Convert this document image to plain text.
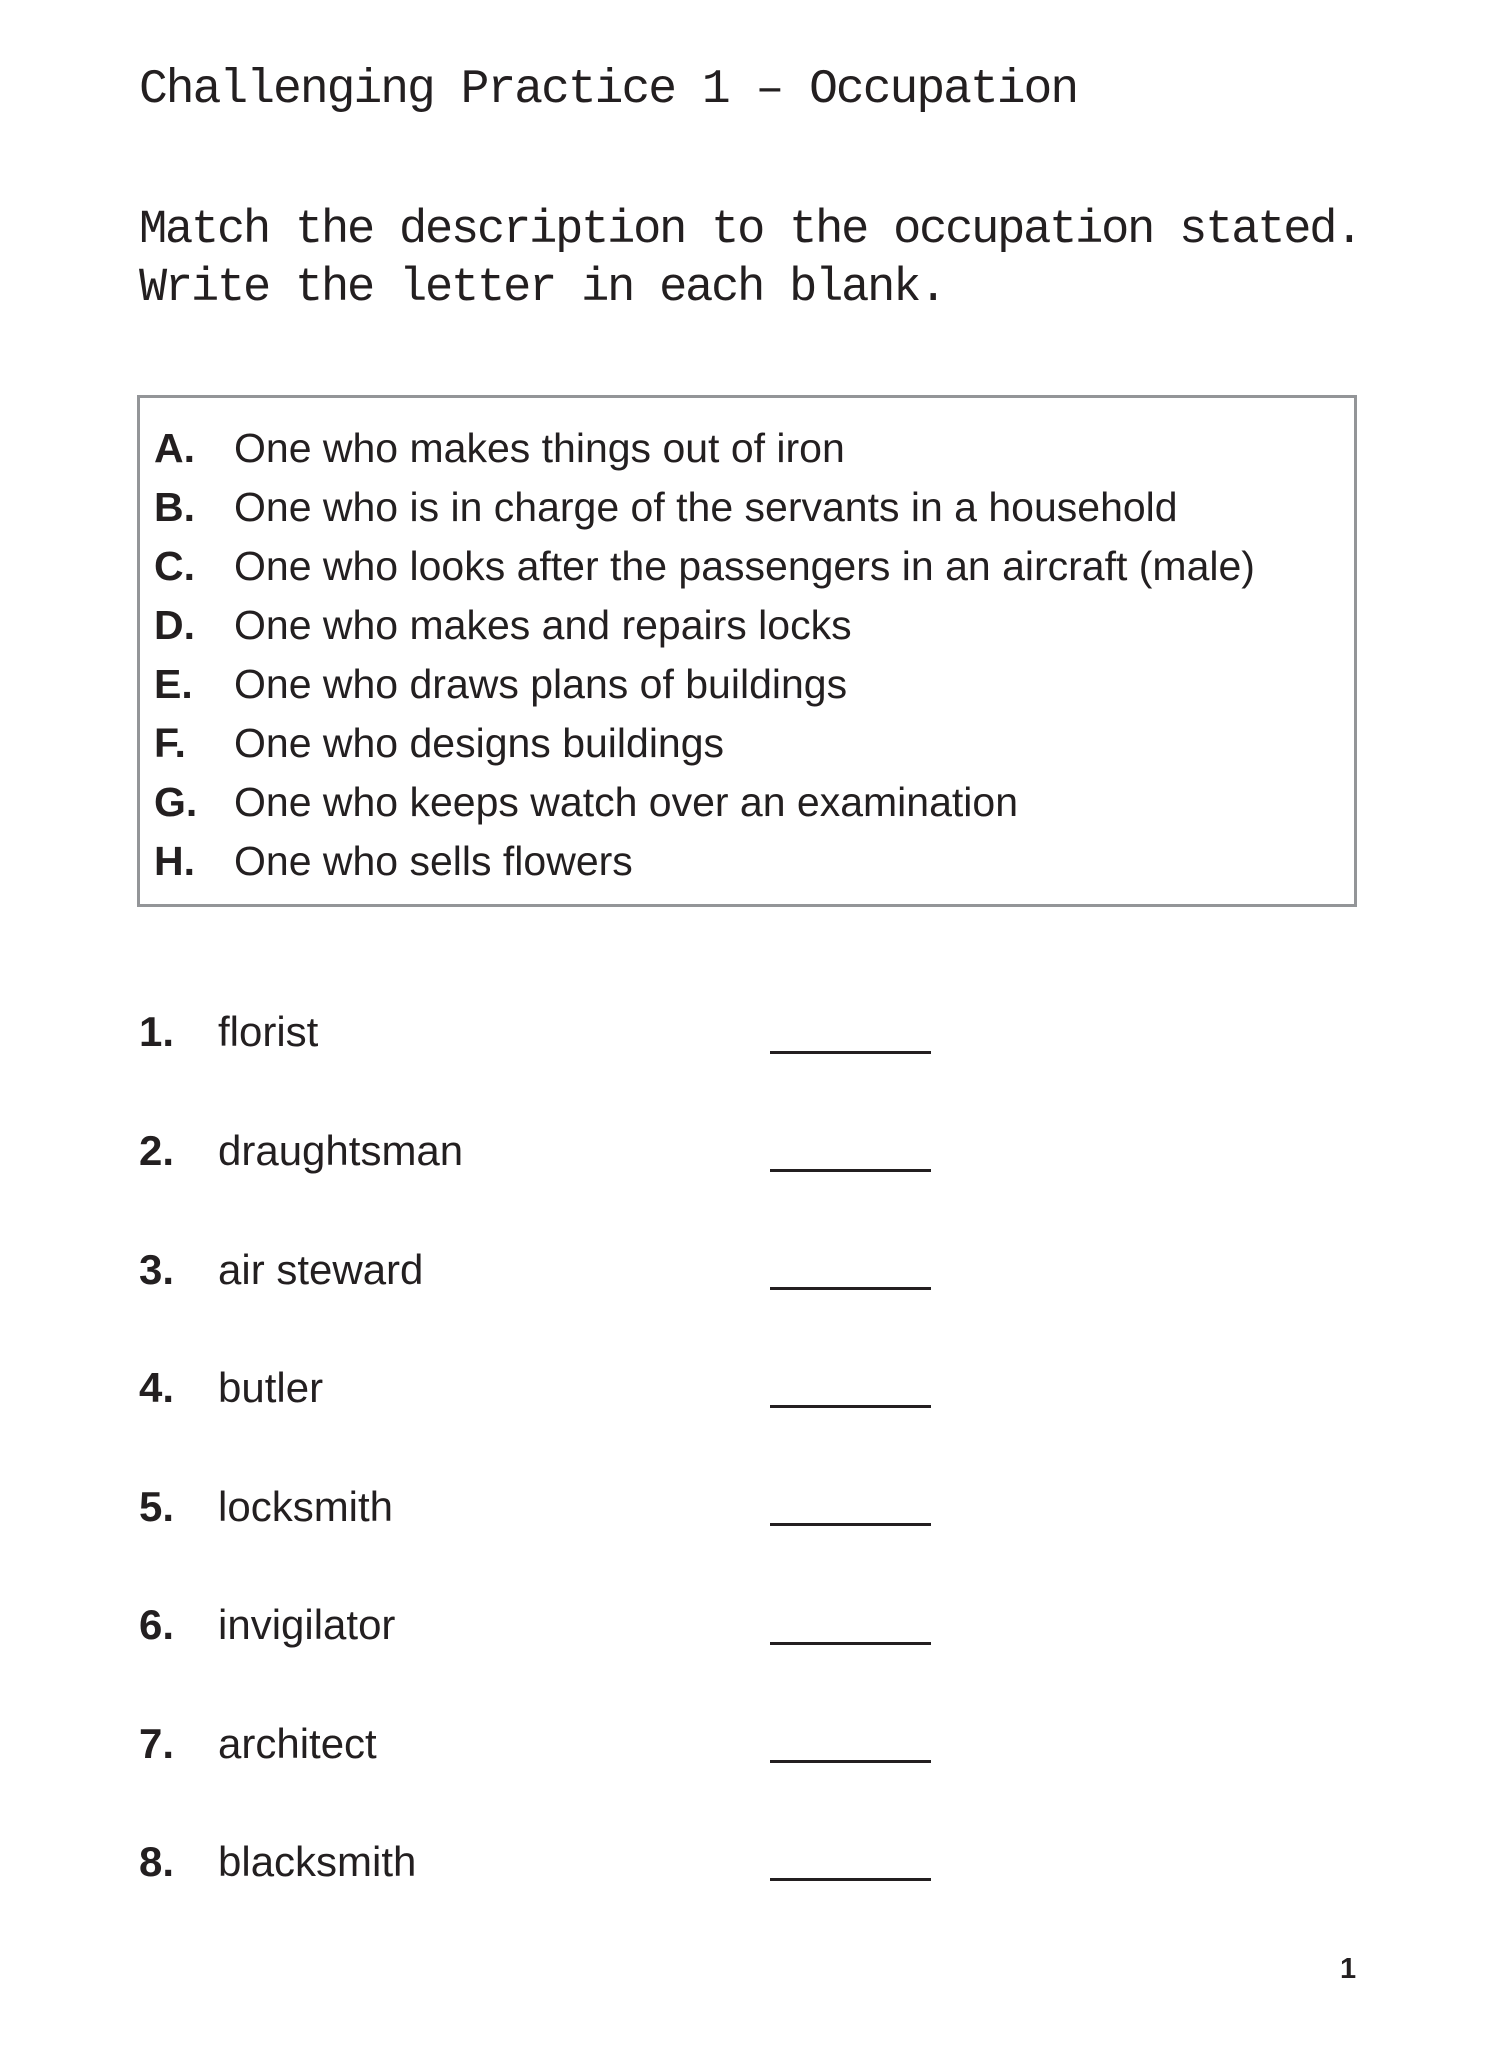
Challenging Practice 1 – Occupation
Match the description to the occupation stated. Write the letter in each blank.
A. One who makes things out of iron
B. One who is in charge of the servants in a household
C. One who looks after the passengers in an aircraft (male)
D. One who makes and repairs locks
E.	One who draws plans of buildings
F.	One who designs buildings
G. One who keeps watch over an examination
H. One who sells flowers
1.	florist
2.	draughtsman
3.	air steward
4.	butler
5.	locksmith
6.	invigilator
7.	architect
8.	blacksmith
1
